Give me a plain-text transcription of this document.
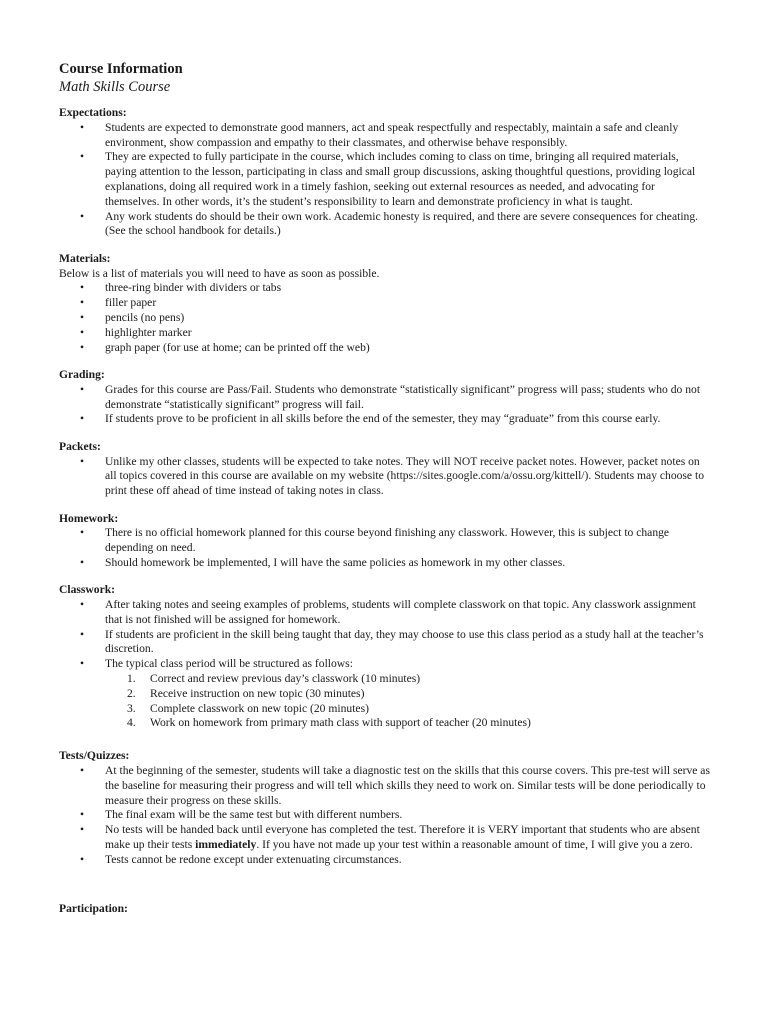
Course Information
Math Skills Course
Expectations:
• Students are expected to demonstrate good manners, act and speak respectfully and respectably, maintain a safe and cleanly environment, show compassion and empathy to their classmates, and otherwise behave responsibly.
• They are expected to fully participate in the course, which includes coming to class on time, bringing all required materials, paying attention to the lesson, participating in class and small group discussions, asking thoughtful questions, providing logical explanations, doing all required work in a timely fashion, seeking out external resources as needed, and advocating for themselves. In other words, it’s the student’s responsibility to learn and demonstrate proficiency in what is taught.
• Any work students do should be their own work. Academic honesty is required, and there are severe consequences for cheating. (See the school handbook for details.)
Materials:
Below is a list of materials you will need to have as soon as possible.
• three-ring binder with dividers or tabs
• filler paper
• pencils (no pens)
• highlighter marker
• graph paper (for use at home; can be printed off the web)
Grading:
• Grades for this course are Pass/Fail. Students who demonstrate “statistically significant” progress will pass; students who do not demonstrate “statistically significant” progress will fail.
• If students prove to be proficient in all skills before the end of the semester, they may “graduate” from this course early.
Packets:
• Unlike my other classes, students will be expected to take notes. They will NOT receive packet notes. However, packet notes on all topics covered in this course are available on my website (https://sites.google.com/a/ossu.org/kittell/). Students may choose to print these off ahead of time instead of taking notes in class.
Homework:
• There is no official homework planned for this course beyond finishing any classwork. However, this is subject to change depending on need.
• Should homework be implemented, I will have the same policies as homework in my other classes.
Classwork:
• After taking notes and seeing examples of problems, students will complete classwork on that topic. Any classwork assignment that is not finished will be assigned for homework.
• If students are proficient in the skill being taught that day, they may choose to use this class period as a study hall at the teacher’s discretion.
• The typical class period will be structured as follows:
1. Correct and review previous day’s classwork (10 minutes)
2. Receive instruction on new topic (30 minutes)
3. Complete classwork on new topic (20 minutes)
4. Work on homework from primary math class with support of teacher (20 minutes)
Tests/Quizzes:
• At the beginning of the semester, students will take a diagnostic test on the skills that this course covers. This pre-test will serve as the baseline for measuring their progress and will tell which skills they need to work on. Similar tests will be done periodically to measure their progress on these skills.
• The final exam will be the same test but with different numbers.
• No tests will be handed back until everyone has completed the test. Therefore it is VERY important that students who are absent make up their tests immediately. If you have not made up your test within a reasonable amount of time, I will give you a zero.
• Tests cannot be redone except under extenuating circumstances.
Participation:
